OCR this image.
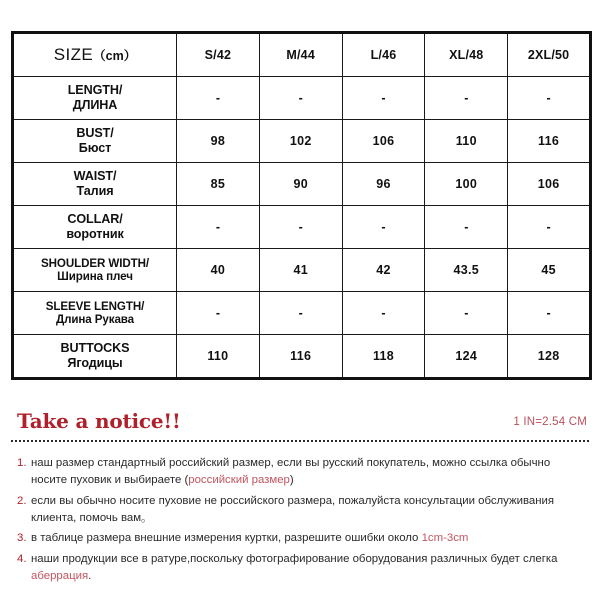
SIZE（cm）	S/42	M/44	L/46	XL/48	2XL/50

LENGTH/
ДЛИНА	-	-	-	-	-

BUST/
Бюст	98	102	106	110	116

WAIST/
Талия	85	90	96	100	106

COLLAR/
воротник	-	-	-	-	-

SHOULDER WIDTH/
Ширина плеч	40	41	42	43.5	45

SLEEVE LENGTH/
Длина Рукава	-	-	-	-	-

BUTTOCKS
Ягодицы	110	116	118	124	128
Take a notice!!	1 IN=2.54 CM
1. наш размер стандартный российский размер, если вы русский покупатель, можно ссылка обычно носите пуховик и выбираете (российский размер)
2. если вы обычно носите пуховие не российского размера, пожалуйста консультации обслуживания клиента, помочь вам。
3. в таблице размера внешние измерения куртки, разрешите ошибки около 1cm-3cm
4. наши продукции все в ратуре,поскольку фотографирование оборудования различных будет слегка аберрация.
